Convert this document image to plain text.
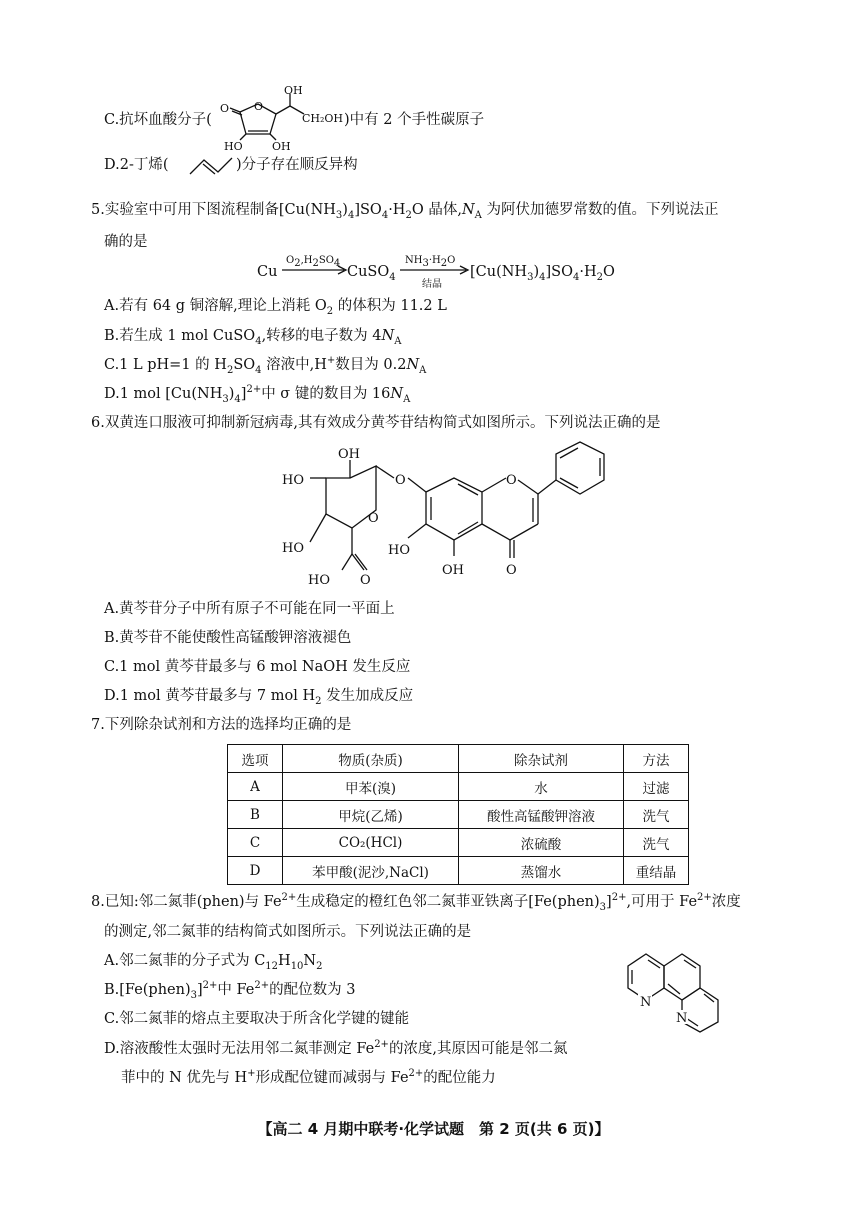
C.抗坏血酸分子(
O O
OH
CH₂OH
HO	OH
)中有 2 个手性碳原子
D.2-丁烯(	)分子存在顺反异构
5.实验室中可用下图流程制备$[Cu(NH_3)_4]SO_4\cdot H_2O$ 晶体$,N_A$ 为阿伏加德罗常数的值。下列说法正
确的是
Cu
$O_2,H_2SO_4$
CuSO$_4$
$NH_3\cdot H_2O$
结晶
$[Cu(NH_3)_4]SO_4\cdot H_2O$
A.若有 64 g 铜溶解,理论上消耗 $O_2$ 的体积为 11.2 L
B.若生成 1 mol CuSO$_4$,转移的电子数为 $4N_A$
C.1 L pH=1 的 $H_2SO_4$ 溶液中,H+数目为 $0.2N_A$
D.1 mol $[Cu(NH_3)_4]^{2+}$中 σ 键的数目为 $16N_A$
6.双黄连口服液可抑制新冠病毒,其有效成分黄芩苷结构简式如图所示。下列说法正确的是
OH
HO
HO
O
HO O
O	O
HO
OH	O
A.黄芩苷分子中所有原子不可能在同一平面上
B.黄芩苷不能使酸性高锰酸钾溶液褪色
C.1 mol 黄芩苷最多与 6 mol NaOH 发生反应
D.1 mol 黄芩苷最多与 7 mol $H_2$ 发生加成反应
7.下列除杂试剂和方法的选择均正确的是
选项	物质(杂质)	除杂试剂	方法
A	甲苯(溴)	水	过滤
B	甲烷(乙烯)	酸性高锰酸钾溶液	洗气
C	CO₂(HCl)	浓硫酸	洗气
D	苯甲酸(泥沙,NaCl)	蒸馏水	重结晶
8.已知:邻二氮菲(phen)与 $Fe^{2+}$生成稳定的橙红色邻二氮菲亚铁离子$[Fe(phen)_3]^{2+}$,可用于 $Fe^{2+}$浓度
的测定,邻二氮菲的结构简式如图所示。下列说法正确的是
A.邻二氮菲的分子式为 $C_{12}H_{10}N_2$
$B.[Fe(phen)_3]^{2+}$中 $Fe^{2+}$的配位数为 3
C.邻二氮菲的熔点主要取决于所含化学键的键能
D.溶液酸性太强时无法用邻二氮菲测定 $Fe^{2+}$的浓度,其原因可能是邻二氮
菲中的 N 优先与 H+形成配位键而减弱与 $Fe^{2+}$的配位能力
N
N
【高二 4 月期中联考·化学试题　第 2 页(共 6 页)】
